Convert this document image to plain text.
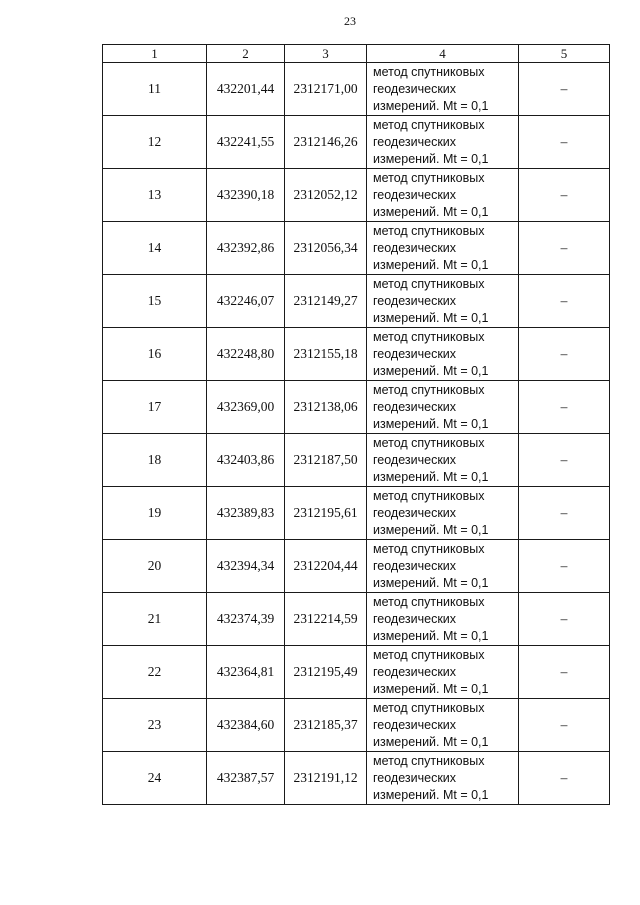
23
1	2	3	4	5
11	432201,44	2312171,00	метод спутниковых
геодезических
измерений. Mt = 0,1	–
12	432241,55	2312146,26	метод спутниковых
геодезических
измерений. Mt = 0,1	–
13	432390,18	2312052,12	метод спутниковых
геодезических
измерений. Mt = 0,1	–
14	432392,86	2312056,34	метод спутниковых
геодезических
измерений. Mt = 0,1	–
15	432246,07	2312149,27	метод спутниковых
геодезических
измерений. Mt = 0,1	–
16	432248,80	2312155,18	метод спутниковых
геодезических
измерений. Mt = 0,1	–
17	432369,00	2312138,06	метод спутниковых
геодезических
измерений. Mt = 0,1	–
18	432403,86	2312187,50	метод спутниковых
геодезических
измерений. Mt = 0,1	–
19	432389,83	2312195,61	метод спутниковых
геодезических
измерений. Mt = 0,1	–
20	432394,34	2312204,44	метод спутниковых
геодезических
измерений. Mt = 0,1	–
21	432374,39	2312214,59	метод спутниковых
геодезических
измерений. Mt = 0,1	–
22	432364,81	2312195,49	метод спутниковых
геодезических
измерений. Mt = 0,1	–
23	432384,60	2312185,37	метод спутниковых
геодезических
измерений. Mt = 0,1	–
24	432387,57	2312191,12	метод спутниковых
геодезических
измерений. Mt = 0,1	–
